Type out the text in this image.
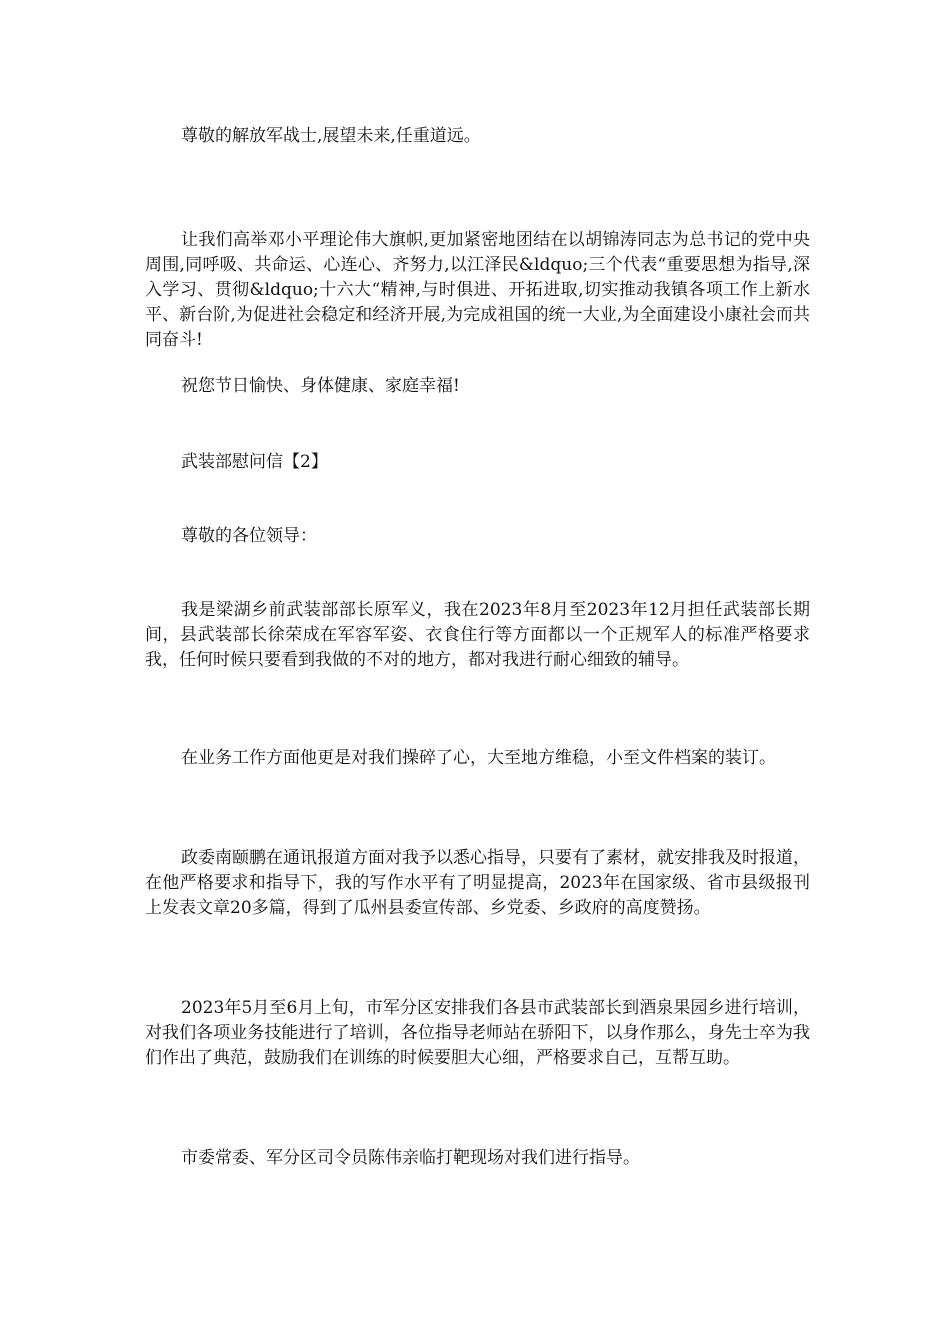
尊敬的解放军战士,展望未来,任重道远。

让我们高举邓小平理论伟大旗帜,更加紧密地团结在以胡锦涛同志为总书记的党中央周围,同呼吸、共命运、心连心、齐努力,以江泽民&ldquo;三个代表“重要思想为指导,深入学习、贯彻&ldquo;十六大“精神,与时俱进、开拓进取,切实推动我镇各项工作上新水平、新台阶,为促进社会稳定和经济开展,为完成祖国的统一大业,为全面建设小康社会而共同奋斗!

祝您节日愉快、身体健康、家庭幸福!

武装部慰问信【2】

尊敬的各位领导：

我是梁湖乡前武装部部长原军义，我在2023年8月至2023年12月担任武装部长期间，县武装部长徐荣成在军容军姿、衣食住行等方面都以一个正规军人的标准严格要求我，任何时候只要看到我做的不对的地方，都对我进行耐心细致的辅导。

在业务工作方面他更是对我们操碎了心，大至地方维稳，小至文件档案的装订。

政委南颐鹏在通讯报道方面对我予以悉心指导，只要有了素材，就安排我及时报道，在他严格要求和指导下，我的写作水平有了明显提高，2023年在国家级、省市县级报刊上发表文章20多篇，得到了瓜州县委宣传部、乡党委、乡政府的高度赞扬。

2023年5月至6月上旬，市军分区安排我们各县市武装部长到酒泉果园乡进行培训，对我们各项业务技能进行了培训，各位指导老师站在骄阳下，以身作那么，身先士卒为我们作出了典范，鼓励我们在训练的时候要胆大心细，严格要求自己，互帮互助。

市委常委、军分区司令员陈伟亲临打靶现场对我们进行指导。
